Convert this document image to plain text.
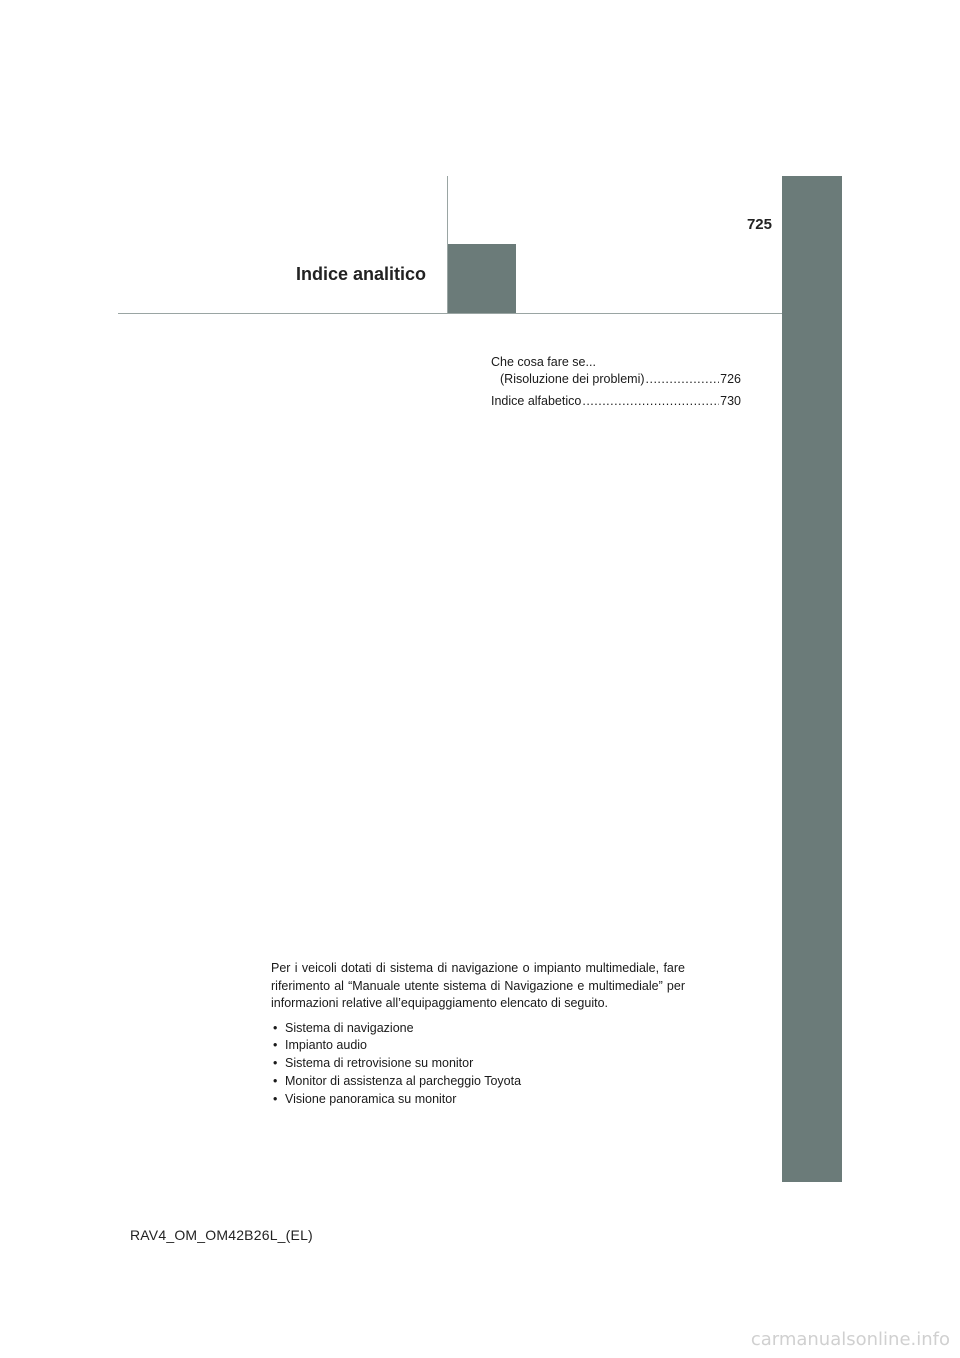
725
Indice analitico
Che cosa fare se...
(Risoluzione dei problemi) .....	726
Indice alfabetico .....	730

Per i veicoli dotati di sistema di navigazione o impianto multimediale, fare riferimento al “Manuale utente sistema di Navigazione e multimediale” per informazioni relative all’equipaggiamento elencato di seguito.

• Sistema di navigazione
• Impianto audio
• Sistema di retrovisione su monitor
• Monitor di assistenza al parcheggio Toyota
• Visione panoramica su monitor
RAV4_OM_OM42B26L_(EL)
carmanualsonline.info
